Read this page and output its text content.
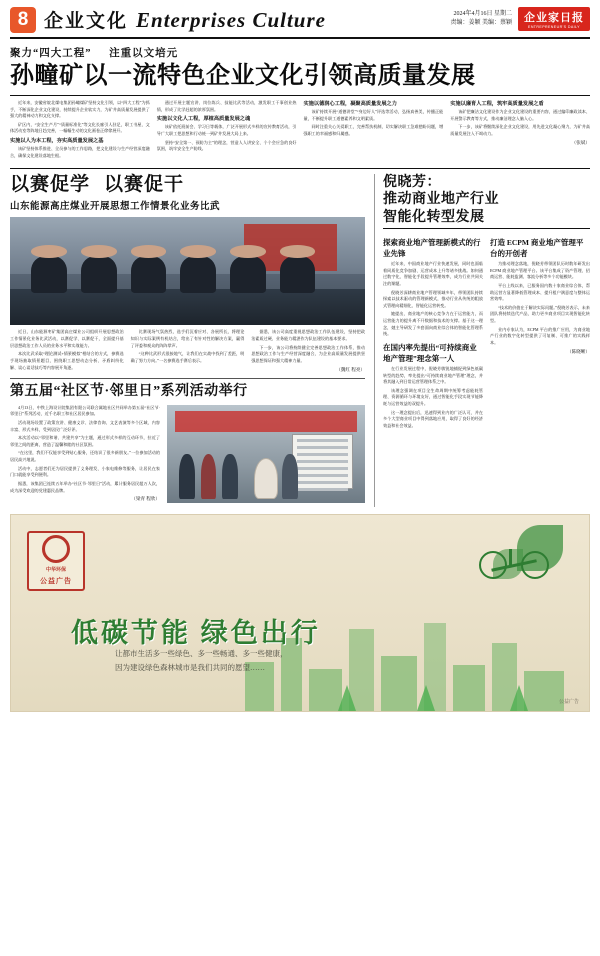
8 企业文化 Enterprises Culture	2024年4月16日 星期二
责编：姜颖 美编：蔡颖 企业家日报
ENTREPRENEUR'S DAILY
聚力“四大工程” 注重以文培元
孙疃矿以一流特色企业文化引领高质量发展

近年来，安徽省皖北煤电集团孙疃煤矿坚持文化引领，以“四大工程”为抓手，不断深化企业文化建设，持续提升企业软实力，为矿井高质量发展提供了强大的精神动力和文化支撑。

矿区内，“安全生产月”“质量标准化”等文化长廊引人驻足，职工书屋、文体活动室等阵地日趋完善，一幅幅生动的文化画卷正徐徐展开。

实施以人为本工程，夯实高质量发展之基

该矿坚持体系推进、全员参与的工作思路，把文化建设与生产经营深度融合，确保文化建设落地生根。

通过开展主题宣讲、岗位练兵、技能比武等活动，激发职工干事创业热情，形成了比学赶超的浓厚氛围。

实施以文化人工程，厚植高质量发展之魂

该矿依托班前会、学习日等载体，广泛开展形式多样的宣传教育活动，引导广大职工把思想和行动统一到矿井发展大局上来。

坚持“安全第一、预防为主”的理念，营造人人讲安全、个个会应急的良好氛围，筑牢安全生产防线。

实施以德润心工程，凝聚高质量发展之力

该矿持续开展“道德讲堂”“身边好人”评选等活动，弘扬真善美，传播正能量，不断提升职工道德素养和文明素质。

同时注重关心关爱职工，完善帮扶机制，切实解决职工急难愁盼问题，增强职工的幸福感和归属感。

实施以廉育人工程，筑牢高质量发展之盾

该矿把廉洁文化建设作为企业文化建设的重要内容，通过编印廉政读本、开展警示教育等方式，推动廉洁理念入脑入心。

下一步，该矿将继续深化企业文化建设，用先进文化凝心聚力，为矿井高质量发展注入不竭动力。

（张斌）
以赛促学 以赛促干
山东能源高庄煤业开展思想工作情景化业务比武

近日，山东能源枣矿集团高庄煤业公司组织开展思想政治工作情景化业务比武活动，以赛促学、以赛促干，全面提升基层思想政治工作人员的业务水平和实战能力。

本次比武采取“理论测试+情景模拟”相结合的方式，参赛选手现场抽取情景题目，围绕职工思想动态分析、矛盾纠纷化解、谈心谈话技巧等内容展开角逐。

比赛现场气氛热烈，选手们沉着应对、各展所长，将理论知识与实际案例有机结合，给出了有针对性的解决方案，赢得了评委和观众的阵阵掌声。

“这种比武形式很接地气，让我们在实战中找到了差距，明确了努力方向。”一名参赛选手赛后表示。

据悉，该公司高度重视思想政治工作队伍建设，坚持把政治素质过硬、业务能力精湛作为队伍建设的基本要求。

下一步，该公司将持续健全完善思想政治工作体系，推动思想政治工作与生产经营深度融合，为企业高质量发展提供坚强思想保证和强大精神力量。

（魏红 程亮）
第五届“社区节·邻里日”系列活动举行

4月13日，中铁上海设计院集团有限公司联合属地社区共同举办第五届“社区节·邻里日”系列活动，近千名职工和社区居民参加。

活动现场设置了政策宣讲、健康义诊、法律咨询、文艺表演等多个区域，内容丰富、形式多样，受到居民广泛好评。

本次活动以“邻里和谐、共建共享”为主题，通过形式多样的互动环节，拉近了邻里之间的距离，营造了温馨和睦的社区氛围。

“在这里，我们不仅能享受到贴心服务，还结识了很多新朋友。”一位参加活动的居民高兴地说。

活动中，志愿者们还为居民提供了义务理发、小家电维修等服务，让居民在家门口就能享受到便利。

据悉，该集团已连续五年举办“社区节·邻里日”活动，累计服务居民超万人次，成为深受欢迎的党建惠民品牌。

（梁青 程欣）
倪晓芳：
推动商业地产行业
智能化转型发展
探索商业地产管理新模式的行业先锋

近年来，中国商业地产行业快速发展，同时也面临着同质化竞争加剧、运营成本上升等诸多挑战。如何通过数字化、智能化手段提升管理效率，成为行业共同关注的课题。

倪晓芳深耕商业地产管理领域多年，带领团队持续探索以技术驱动的管理新模式，推动行业从传统的粗放式管理向精细化、智能化运营转变。

她提出，商业地产的核心竞争力在于运营能力，而运营能力的提升离不开数据和技术的支撑。基于这一理念，她主导研发了多套面向商业综合体的智能化管理系统。

在国内率先提出“可持续商业地产管理”理念第一人

在行业发展过程中，倪晓芳敏锐地捕捉到绿色低碳转型的趋势，率先提出“可持续商业地产管理”理念，并将其融入到日常运营管理体系之中。

该理念强调在项目全生命周期中统筹考虑能耗管理、资源循环与环境友好，通过智能化手段实现节能降耗与运营效益的双提升。

这一理念提出后，迅速得到业内的广泛认可，并在多个大型商业项目中得到落地应用，取得了良好的经济效益和社会效益。

打造 ECPM 商业地产管理平台的开创者

为推动理念落地，倪晓芳带领团队历时数年研发出 ECPM 商业地产管理平台。该平台集成了资产管理、招商运营、能耗监测、客流分析等多个功能模块。

平台上线以来，已服务国内数十家商业综合体，帮助运营方显著降低管理成本、提升租户满意度与整体运营效率。

“技术的价值在于解决实际问题。”倪晓芳表示，未来团队将持续迭代产品，助力更多商业项目实现智能化转型。

业内专家认为，ECPM 平台的推广应用，为商业地产行业的数字化转型提供了可复制、可推广的实践样本。

（陈晓晰）
中华环保
公益广告
低碳节能 绿色出行
让都市生活多一些绿色、多一些畅通、多一些健康，
因为建设绿色森林城市是我们共同的愿望……
公益广告
